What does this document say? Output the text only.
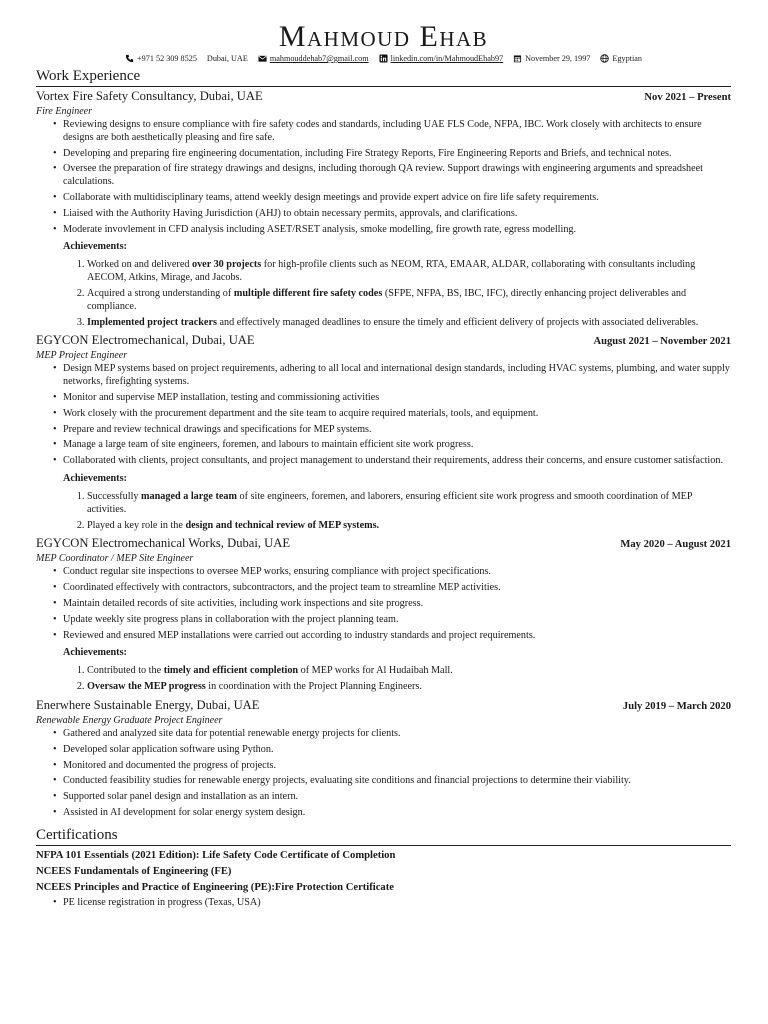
Mahmoud Ehab
+971 52 309 8525 Dubai, UAE	mahmouddehab7@gmail.com	linkedin.com/in/MahmoudEhab97	November 29, 1997	Egyptian
Work Experience
Vortex Fire Safety Consultancy, Dubai, UAE	Nov 2021 – Present
Fire Engineer
• Reviewing designs to ensure compliance with fire safety codes and standards, including UAE FLS Code, NFPA, IBC. Work closely with architects to ensure designs are both aesthetically pleasing and fire safe.
• Developing and preparing fire engineering documentation, including Fire Strategy Reports, Fire Engineering Reports and Briefs, and technical notes.
• Oversee the preparation of fire strategy drawings and designs, including thorough QA review. Support drawings with engineering arguments and spreadsheet calculations.
• Collaborate with multidisciplinary teams, attend weekly design meetings and provide expert advice on fire life safety requirements.
• Liaised with the Authority Having Jurisdiction (AHJ) to obtain necessary permits, approvals, and clarifications.
• Moderate invovlement in CFD analysis including ASET/RSET analysis, smoke modelling, fire growth rate, egress modelling.
Achievements:
1. Worked on and delivered over 30 projects for high-profile clients such as NEOM, RTA, EMAAR, ALDAR, collaborating with consultants including AECOM, Atkins, Mirage, and Jacobs.
2. Acquired a strong understanding of multiple different fire safety codes (SFPE, NFPA, BS, IBC, IFC), directly enhancing project deliverables and compliance.
3. Implemented project trackers and effectively managed deadlines to ensure the timely and efficient delivery of projects with associated deliverables.
EGYCON Electromechanical, Dubai, UAE	August 2021 – November 2021
MEP Project Engineer
• Design MEP systems based on project requirements, adhering to all local and international design standards, including HVAC systems, plumbing, and water supply networks, firefighting systems.
• Monitor and supervise MEP installation, testing and commissioning activities
• Work closely with the procurement department and the site team to acquire required materials, tools, and equipment.
• Prepare and review technical drawings and specifications for MEP systems.
• Manage a large team of site engineers, foremen, and labours to maintain efficient site work progress.
• Collaborated with clients, project consultants, and project management to understand their requirements, address their concerns, and ensure customer satisfaction.
Achievements:
1. Successfully managed a large team of site engineers, foremen, and laborers, ensuring efficient site work progress and smooth coordination of MEP activities.
2. Played a key role in the design and technical review of MEP systems.
EGYCON Electromechanical Works, Dubai, UAE	May 2020 – August 2021
MEP Coordinator / MEP Site Engineer
• Conduct regular site inspections to oversee MEP works, ensuring compliance with project specifications.
• Coordinated effectively with contractors, subcontractors, and the project team to streamline MEP activities.
• Maintain detailed records of site activities, including work inspections and site progress.
• Update weekly site progress plans in collaboration with the project planning team.
• Reviewed and ensured MEP installations were carried out according to industry standards and project requirements.
Achievements:
1. Contributed to the timely and efficient completion of MEP works for Al Hudaibah Mall.
2. Oversaw the MEP progress in coordination with the Project Planning Engineers.
Enerwhere Sustainable Energy, Dubai, UAE	July 2019 – March 2020
Renewable Energy Graduate Project Engineer
• Gathered and analyzed site data for potential renewable energy projects for clients.
• Developed solar application software using Python.
• Monitored and documented the progress of projects.
• Conducted feasibility studies for renewable energy projects, evaluating site conditions and financial projections to determine their viability.
• Supported solar panel design and installation as an intern.
• Assisted in AI development for solar energy system design.
Certifications
NFPA 101 Essentials (2021 Edition): Life Safety Code Certificate of Completion
NCEES Fundamentals of Engineering (FE)
NCEES Principles and Practice of Engineering (PE):Fire Protection Certificate
• PE license registration in progress (Texas, USA)
